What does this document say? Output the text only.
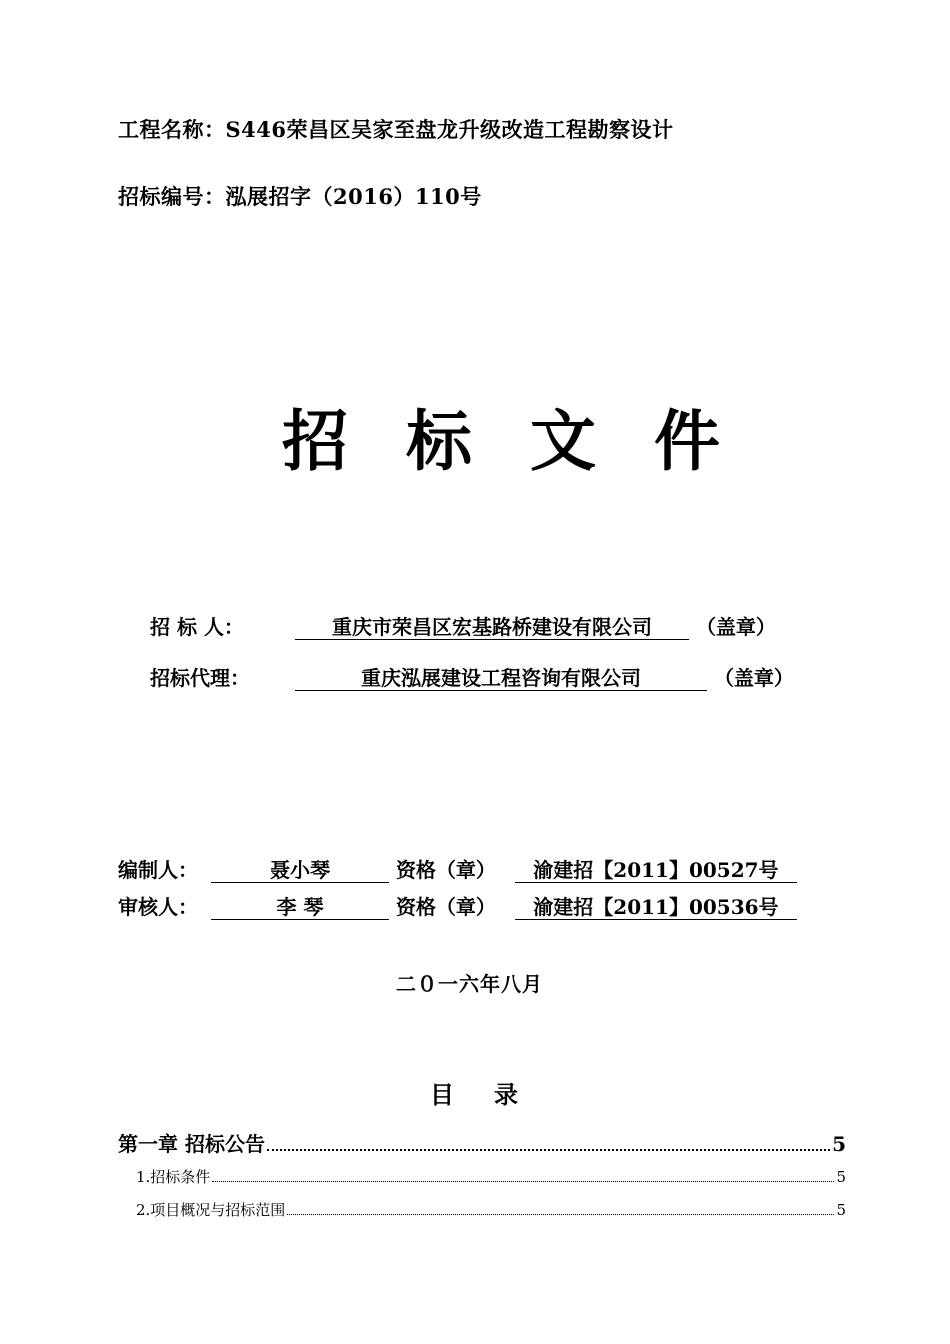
工程名称：S446荣昌区吴家至盘龙升级改造工程勘察设计
招标编号：泓展招字（2016）110号
招标文件
招 标 人：	重庆市荣昌区宏基路桥建设有限公司 （盖章）
招标代理：	重庆泓展建设工程咨询有限公司	（盖章）
编制人：	聂小琴	资格（章） 渝建招【2011】00527号
审核人：	李 琴	资格（章） 渝建招【2011】00536号
二０一六年八月
目录
第一章 招标公告	5
1.招标条件	5
2.项目概况与招标范围	5
